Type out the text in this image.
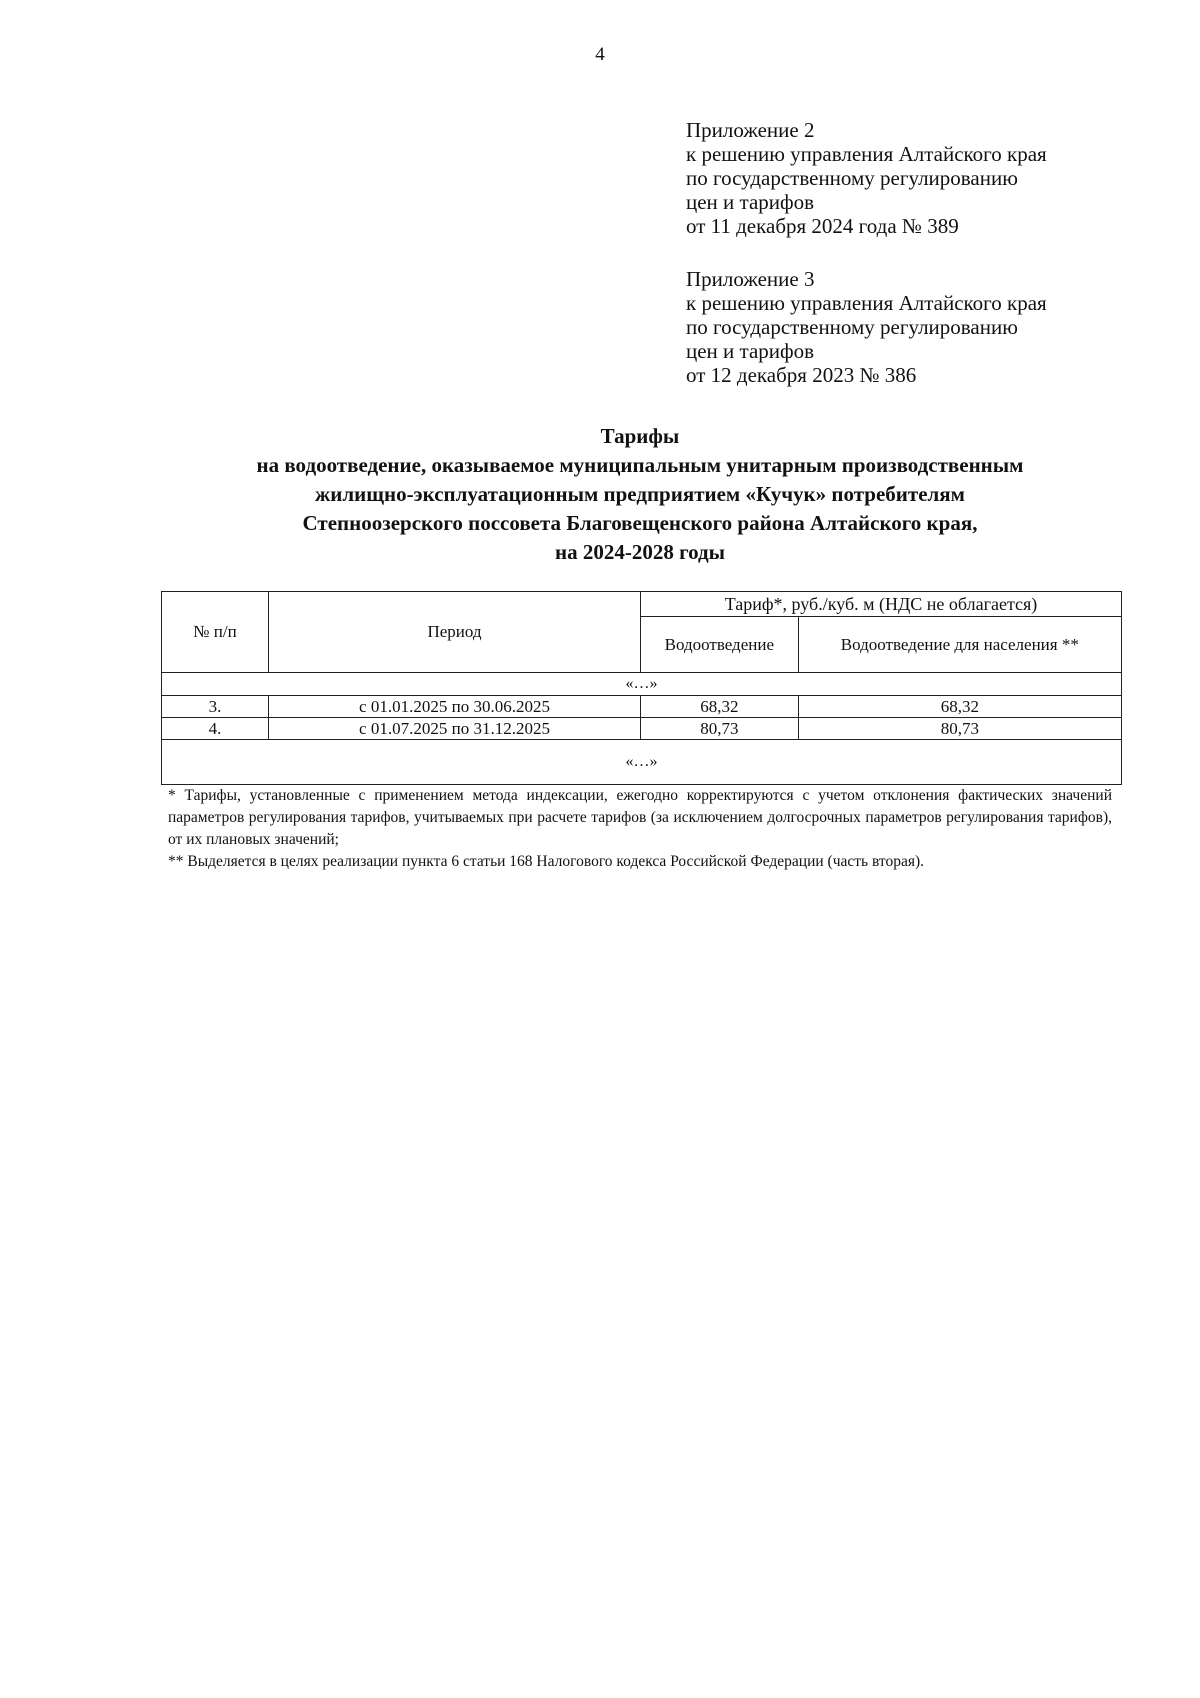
4
Приложение 2
к решению управления Алтайского края
по государственному регулированию
цен и тарифов
от 11 декабря 2024 года № 389
Приложение 3
к решению управления Алтайского края
по государственному регулированию
цен и тарифов
от 12 декабря 2023 № 386
Тарифы
на водоотведение, оказываемое муниципальным унитарным производственным
жилищно-эксплуатационным предприятием «Кучук» потребителям
Степноозерского поссовета Благовещенского района Алтайского края,
на 2024-2028 годы
№ п/п	Период	Тариф*, руб./куб. м (НДС не облагается)	
		Водоотведение	Водоотведение для населения **
«…»			
3.	с 01.01.2025 по 30.06.2025	68,32	68,32
4.	с 01.07.2025 по 31.12.2025	80,73	80,73
«…»			

* Тарифы, установленные с применением метода индексации, ежегодно корректируются с учетом отклонения фактических значений параметров регулирования тарифов, учитываемых при расчете тарифов (за исключением долгосрочных параметров регулирования тарифов), от их плановых значений;

** Выделяется в целях реализации пункта 6 статьи 168 Налогового кодекса Российской Федерации (часть вторая).
